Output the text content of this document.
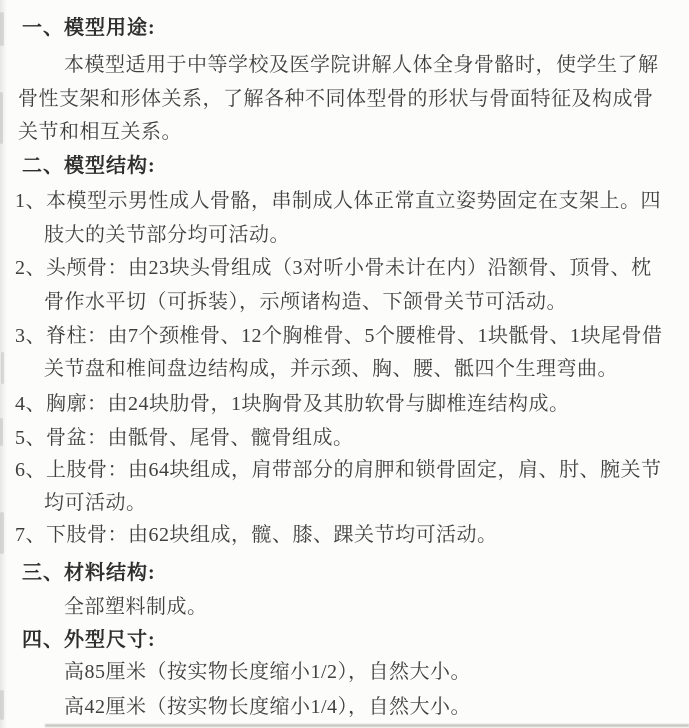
一、模型用途:
本模型适用于中等学校及医学院讲解人体全身骨骼时，使学生了解
骨性支架和形体关系，了解各种不同体型骨的形状与骨面特征及构成骨
关节和相互关系。
二、模型结构:
1、本模型示男性成人骨骼，串制成人体正常直立姿势固定在支架上。四
肢大的关节部分均可活动。
2、头颅骨：由23块头骨组成（3对听小骨未计在内）沿额骨、顶骨、枕
骨作水平切（可拆装），示颅诸构造、下颌骨关节可活动。
3、脊柱：由7个颈椎骨、12个胸椎骨、5个腰椎骨、1块骶骨、1块尾骨借
关节盘和椎间盘边结构成，并示颈、胸、腰、骶四个生理弯曲。
4、胸廓：由24块肋骨，1块胸骨及其肋软骨与脚椎连结构成。
5、骨盆：由骶骨、尾骨、髋骨组成。
6、上肢骨：由64块组成，肩带部分的肩胛和锁骨固定，肩、肘、腕关节
均可活动。
7、下肢骨：由62块组成，髋、膝、踝关节均可活动。
三、材料结构:
全部塑料制成。
四、外型尺寸:
高85厘米（按实物长度缩小1/2），自然大小。
高42厘米（按实物长度缩小1/4），自然大小。
